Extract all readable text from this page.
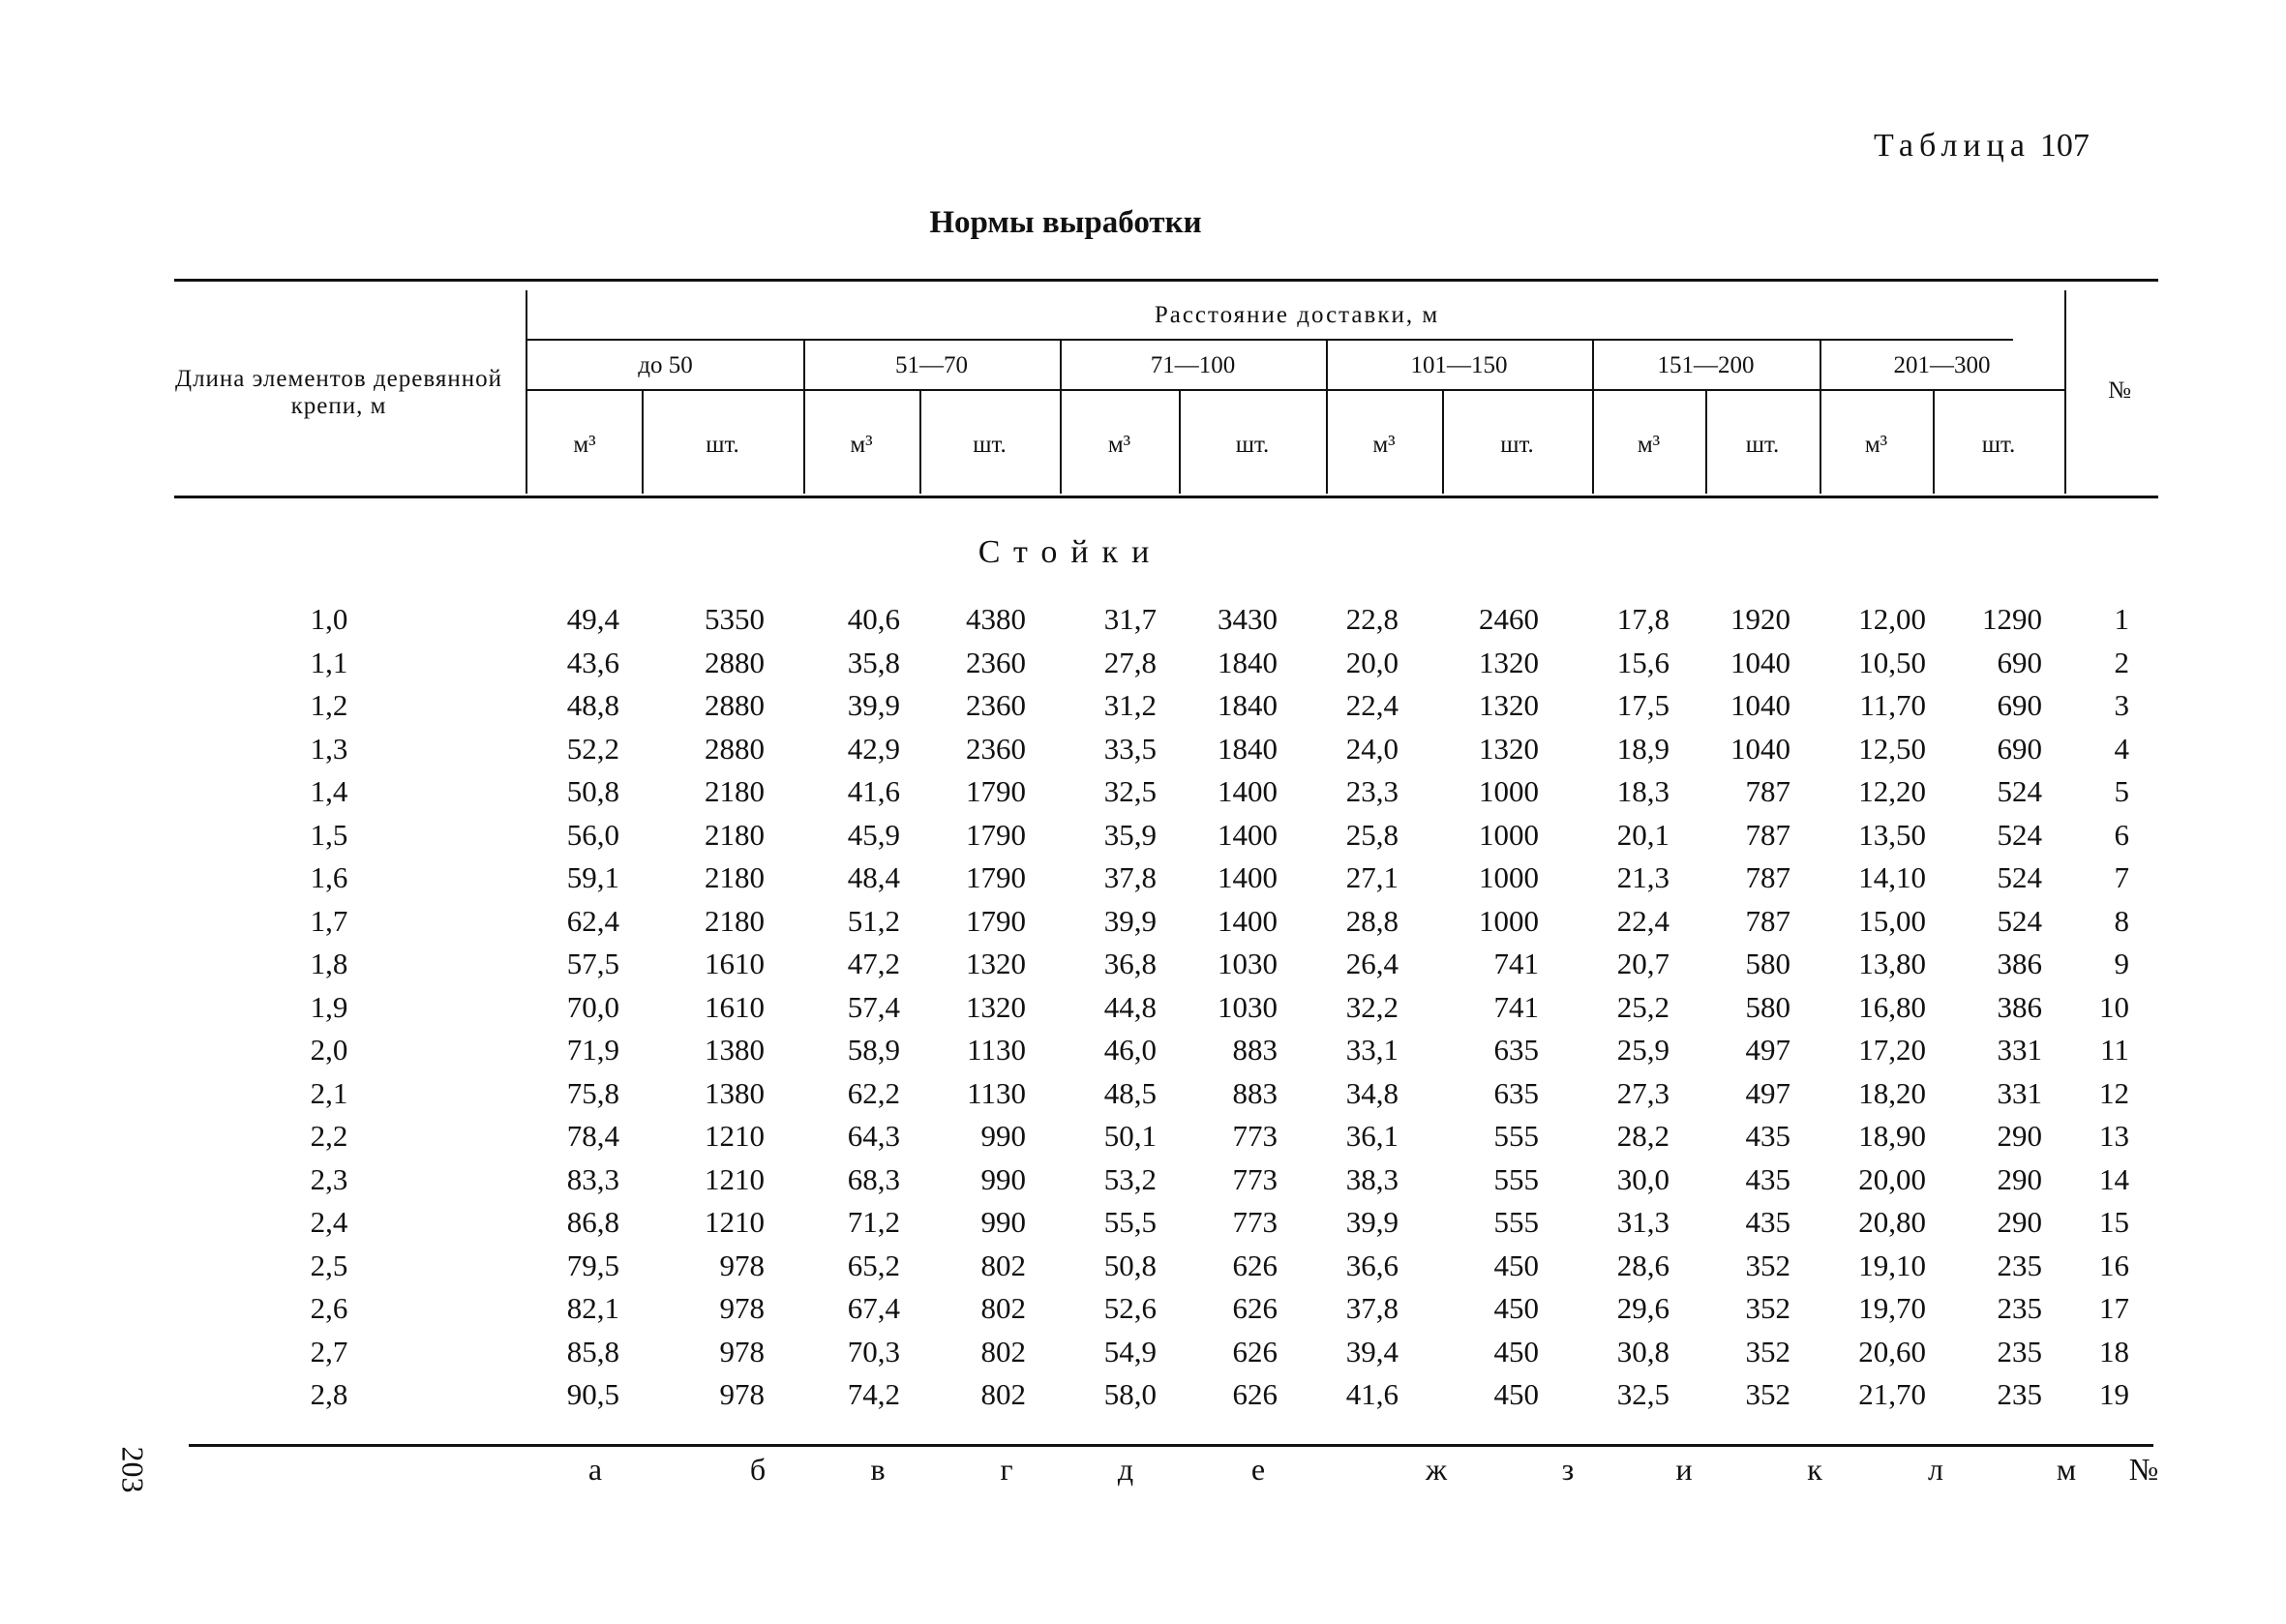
Таблица 107
Нормы выработки
Длина элементов деревянной крепи, м
Расстояние доставки, м
до 50	51—70	71—100	101—150	151—200	201—300
м³	шт.	м³	шт.	м³	шт.	м³	шт.	м³	шт.	м³	шт.
№
Стойки
1,0	49,4	5350	40,6	4380	31,7	3430	22,8	2460	17,8	1920	12,00	1290	1
1,1	43,6	2880	35,8	2360	27,8	1840	20,0	1320	15,6	1040	10,50	690	2
1,2	48,8	2880	39,9	2360	31,2	1840	22,4	1320	17,5	1040	11,70	690	3
1,3	52,2	2880	42,9	2360	33,5	1840	24,0	1320	18,9	1040	12,50	690	4
1,4	50,8	2180	41,6	1790	32,5	1400	23,3	1000	18,3	787	12,20	524	5
1,5	56,0	2180	45,9	1790	35,9	1400	25,8	1000	20,1	787	13,50	524	6
1,6	59,1	2180	48,4	1790	37,8	1400	27,1	1000	21,3	787	14,10	524	7
1,7	62,4	2180	51,2	1790	39,9	1400	28,8	1000	22,4	787	15,00	524	8
1,8	57,5	1610	47,2	1320	36,8	1030	26,4	741	20,7	580	13,80	386	9
1,9	70,0	1610	57,4	1320	44,8	1030	32,2	741	25,2	580	16,80	386	10
2,0	71,9	1380	58,9	1130	46,0	883	33,1	635	25,9	497	17,20	331	11
2,1	75,8	1380	62,2	1130	48,5	883	34,8	635	27,3	497	18,20	331	12
2,2	78,4	1210	64,3	990	50,1	773	36,1	555	28,2	435	18,90	290	13
2,3	83,3	1210	68,3	990	53,2	773	38,3	555	30,0	435	20,00	290	14
2,4	86,8	1210	71,2	990	55,5	773	39,9	555	31,3	435	20,80	290	15
2,5	79,5	978	65,2	802	50,8	626	36,6	450	28,6	352	19,10	235	16
2,6	82,1	978	67,4	802	52,6	626	37,8	450	29,6	352	19,70	235	17
2,7	85,8	978	70,3	802	54,9	626	39,4	450	30,8	352	20,60	235	18
2,8	90,5	978	74,2	802	58,0	626	41,6	450	32,5	352	21,70	235	19
а	б	в	г	д	е	ж	з	и	к	л	м	№
203
